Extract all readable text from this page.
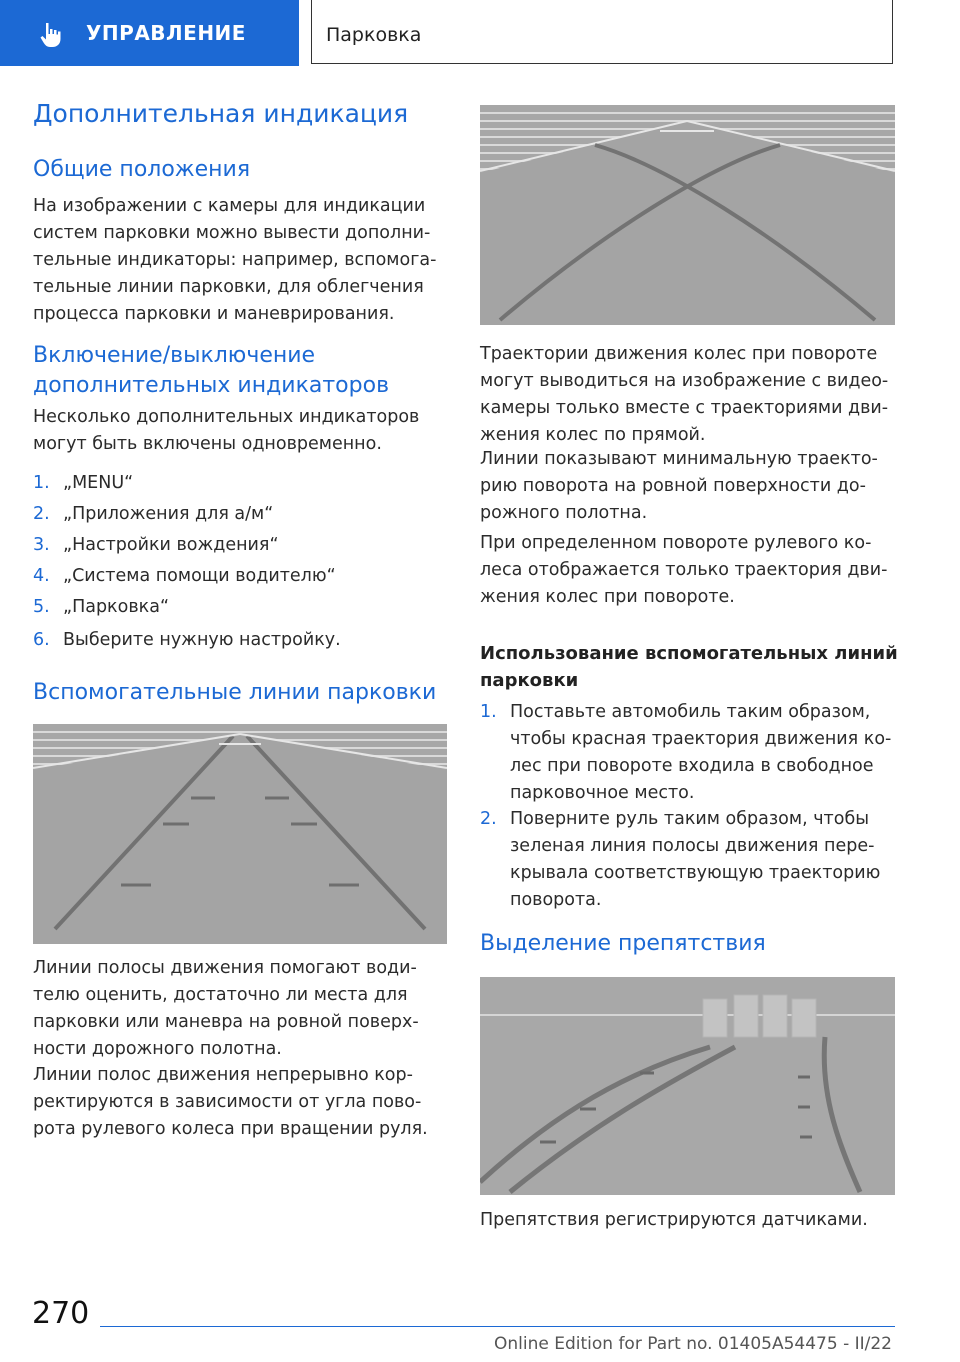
УПРАВЛЕНИЕ	Парковка
Дополнительная индикация
Общие положения
На изображении с камеры для индикации
систем парковки можно вывести дополни-
тельные индикаторы: например, вспомога-
тельные линии парковки, для облегчения
процесса парковки и маневрирования.
Включение/выключение
дополнительных индикаторов
Несколько дополнительных индикаторов
могут быть включены одновременно.
1. „MENU“
2. „Приложения для а/м“
3. „Настройки вождения“
4. „Система помощи водителю“
5. „Парковка“
6. Выберите нужную настройку.
Вспомогательные линии парковки
Линии полосы движения помогают води-
телю оценить, достаточно ли места для
парковки или маневра на ровной поверх-
ности дорожного полотна.
Линии полос движения непрерывно кор-
ректируются в зависимости от угла пово-
рота рулевого колеса при вращении руля.
Траектории движения колес при повороте
могут выводиться на изображение с видео-
камеры только вместе с траекториями дви-
жения колес по прямой.
Линии показывают минимальную траекто-
рию поворота на ровной поверхности до-
рожного полотна.
При определенном повороте рулевого ко-
леса отображается только траектория дви-
жения колес при повороте.
Использование вспомогательных линий
парковки
1. Поставьте автомобиль таким образом,
чтобы красная траектория движения ко-
лес при повороте входила в свободное
парковочное место.
2. Поверните руль таким образом, чтобы
зеленая линия полосы движения пере-
крывала соответствующую траекторию
поворота.
Выделение препятствия
Препятствия регистрируются датчиками.
270
Online Edition for Part no. 01405A54475 - II/22
